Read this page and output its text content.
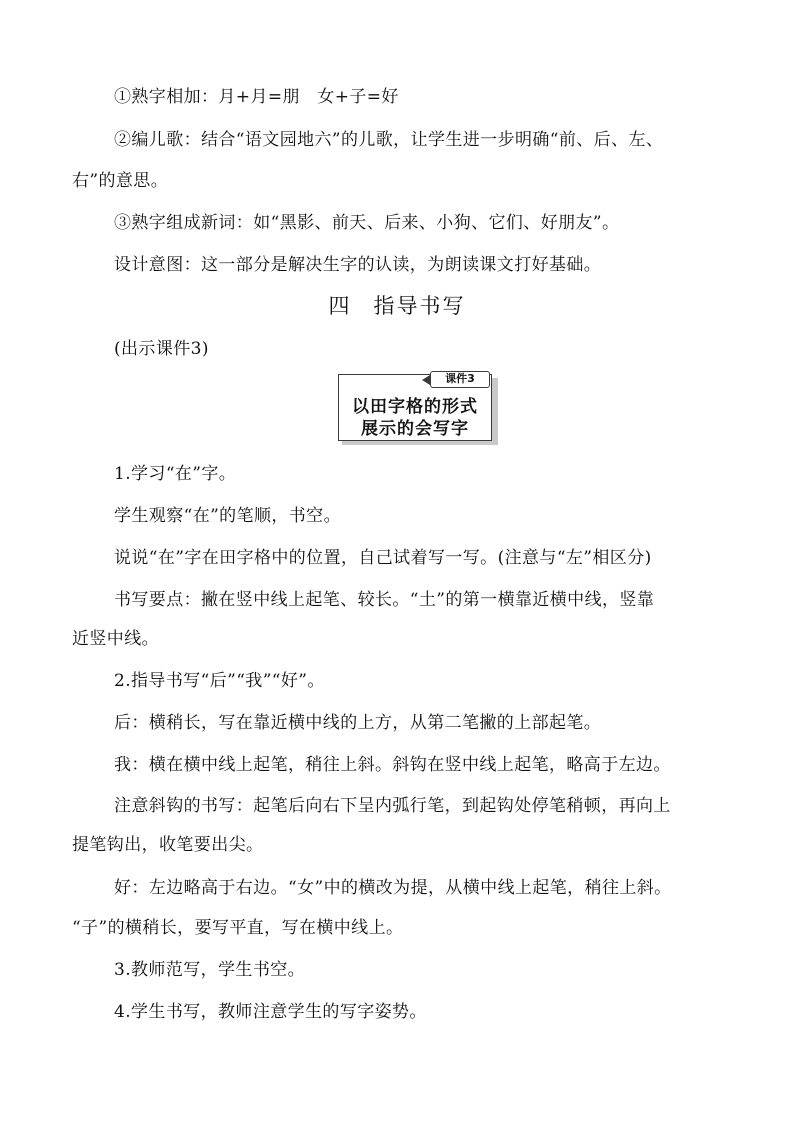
①熟字相加：月+月=朋　女+子=好
②编儿歌：结合“语文园地六”的儿歌，让学生进一步明确“前、后、左、
右”的意思。
③熟字组成新词：如“黑影、前天、后来、小狗、它们、好朋友”。
设计意图：这一部分是解决生字的认读，为朗读课文打好基础。
四 指导书写
(出示课件3)
课件3
以田字格的形式
展示的会写字
1.学习“在”字。
学生观察“在”的笔顺，书空。
说说“在”字在田字格中的位置，自己试着写一写。(注意与“左”相区分)
书写要点：撇在竖中线上起笔、较长。“土”的第一横靠近横中线，竖靠
近竖中线。
2.指导书写“后”“我”“好”。
后：横稍长，写在靠近横中线的上方，从第二笔撇的上部起笔。
我：横在横中线上起笔，稍往上斜。斜钩在竖中线上起笔，略高于左边。
注意斜钩的书写：起笔后向右下呈内弧行笔，到起钩处停笔稍顿，再向上
提笔钩出，收笔要出尖。
好：左边略高于右边。“女”中的横改为提，从横中线上起笔，稍往上斜。
“子”的横稍长，要写平直，写在横中线上。
3.教师范写，学生书空。
4.学生书写，教师注意学生的写字姿势。
